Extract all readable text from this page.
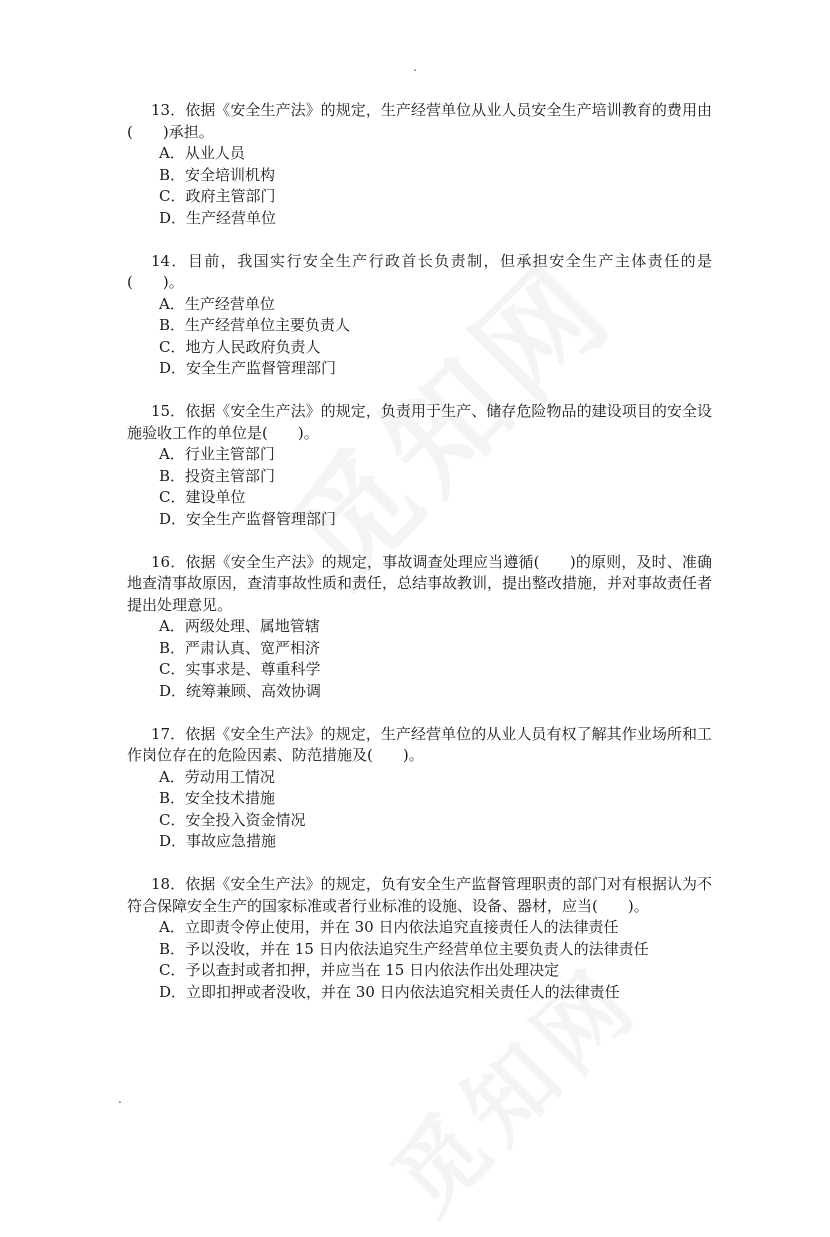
.
13．依据《安全生产法》的规定，生产经营单位从业人员安全生产培训教育的费用由(　　)承担。
A．从业人员
B．安全培训机构
C．政府主管部门
D．生产经营单位
14．目前，我国实行安全生产行政首长负责制，但承担安全生产主体责任的是(　　)。
A．生产经营单位
B．生产经营单位主要负责人
C．地方人民政府负责人
D．安全生产监督管理部门
15．依据《安全生产法》的规定，负责用于生产、储存危险物品的建设项目的安全设施验收工作的单位是(　　)。
A．行业主管部门
B．投资主管部门
C．建设单位
D．安全生产监督管理部门
16．依据《安全生产法》的规定，事故调查处理应当遵循(　　)的原则，及时、准确地查清事故原因，查清事故性质和责任，总结事故教训，提出整改措施，并对事故责任者提出处理意见。
A．两级处理、属地管辖
B．严肃认真、宽严相济
C．实事求是、尊重科学
D．统筹兼顾、高效协调
17．依据《安全生产法》的规定，生产经营单位的从业人员有权了解其作业场所和工作岗位存在的危险因素、防范措施及(　　)。
A．劳动用工情况
B．安全技术措施
C．安全投入资金情况
D．事故应急措施
18．依据《安全生产法》的规定，负有安全生产监督管理职责的部门对有根据认为不符合保障安全生产的国家标准或者行业标准的设施、设备、器材，应当(　　)。
A．立即责令停止使用，并在 30 日内依法追究直接责任人的法律责任
B．予以没收，并在 15 日内依法追究生产经营单位主要负责人的法律责任
C．予以查封或者扣押，并应当在 15 日内依法作出处理决定
D．立即扣押或者没收，并在 30 日内依法追究相关责任人的法律责任
.
